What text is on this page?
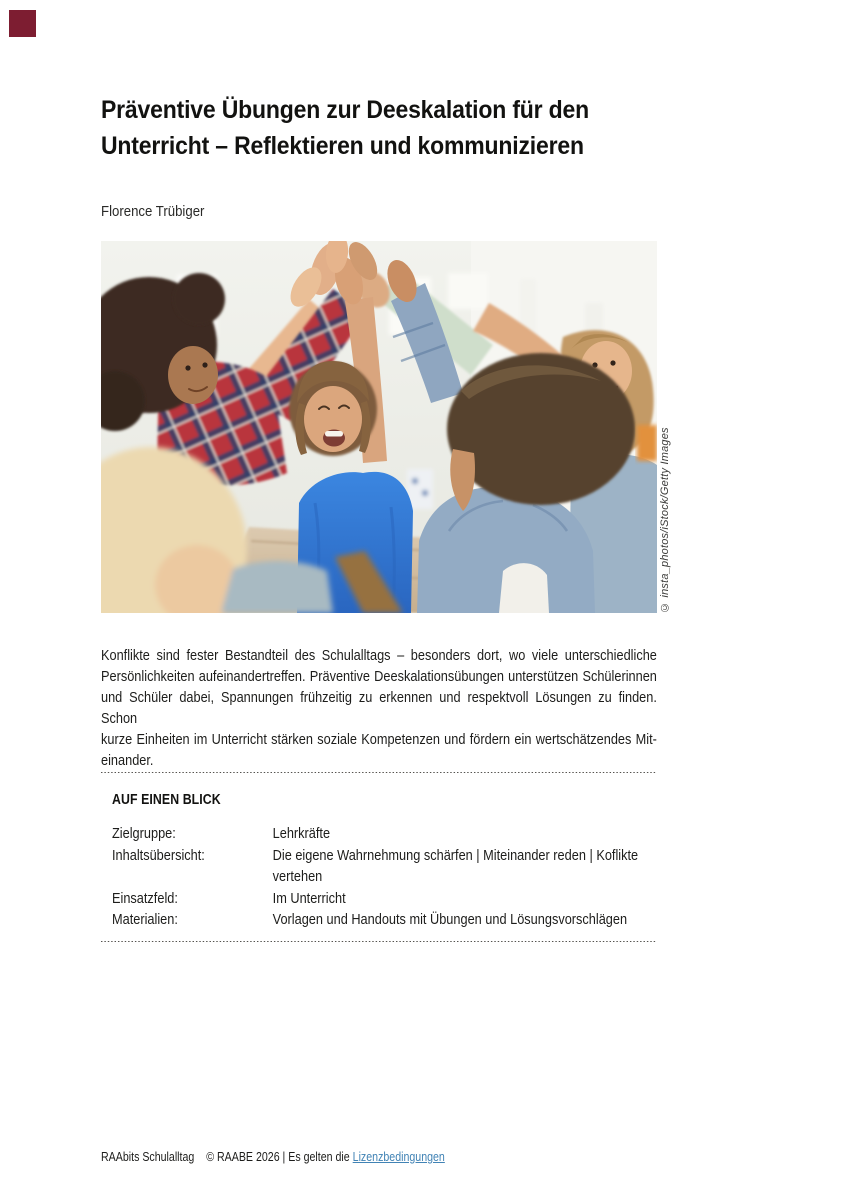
Präventive Übungen zur Deeskalation für den
Unterricht – Reflektieren und kommunizieren
Florence Trübiger
© insta_photos/iStock/Getty Images
Konflikte sind fester Bestandteil des Schulalltags – besonders dort, wo viele unterschiedliche
Persönlichkeiten aufeinandertreffen. Präventive Deeskalationsübungen unterstützen Schülerinnen
und Schüler dabei, Spannungen frühzeitig zu erkennen und respektvoll Lösungen zu finden. Schon
kurze Einheiten im Unterricht stärken soziale Kompetenzen und fördern ein wertschätzendes Mit-
einander.
AUF EINEN BLICK
Zielgruppe:	Lehrkräfte
Inhaltsübersicht:	Die eigene Wahrnehmung schärfen | Miteinander reden | Koflikte
vertehen
Einsatzfeld:	Im Unterricht
Materialien:	Vorlagen und Handouts mit Übungen und Lösungsvorschlägen
RAAbits Schulalltag © RAABE 2026 | Es gelten die Lizenzbedingungen
